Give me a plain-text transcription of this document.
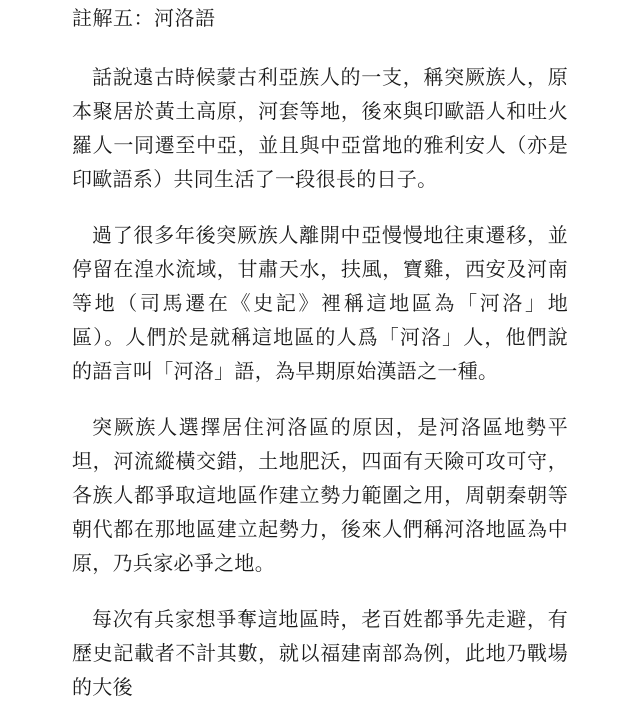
註解五：河洛語

話說遠古時候蒙古利亞族人的一支，稱突厥族人，原本聚居於黃土高原，河套等地，後來與印歐語人和吐火羅人一同遷至中亞，並且與中亞當地的雅利安人（亦是印歐語系）共同生活了一段很長的日子。

過了很多年後突厥族人離開中亞慢慢地往東遷移，並停留在湟水流域，甘肅天水，扶風，寶雞，西安及河南等地（司馬遷在《史記》裡稱這地區為「河洛」地區）。人們於是就稱這地區的人爲「河洛」人，他們說的語言叫「河洛」語，為早期原始漢語之一種。

突厥族人選擇居住河洛區的原因，是河洛區地勢平坦，河流縱橫交錯，土地肥沃，四面有天險可攻可守，各族人都爭取這地區作建立勢力範圍之用，周朝秦朝等朝代都在那地區建立起勢力，後來人們稱河洛地區為中原，乃兵家必爭之地。

每次有兵家想爭奪這地區時，老百姓都爭先走避，有歷史記載者不計其數，就以福建南部為例，此地乃戰場的大後
